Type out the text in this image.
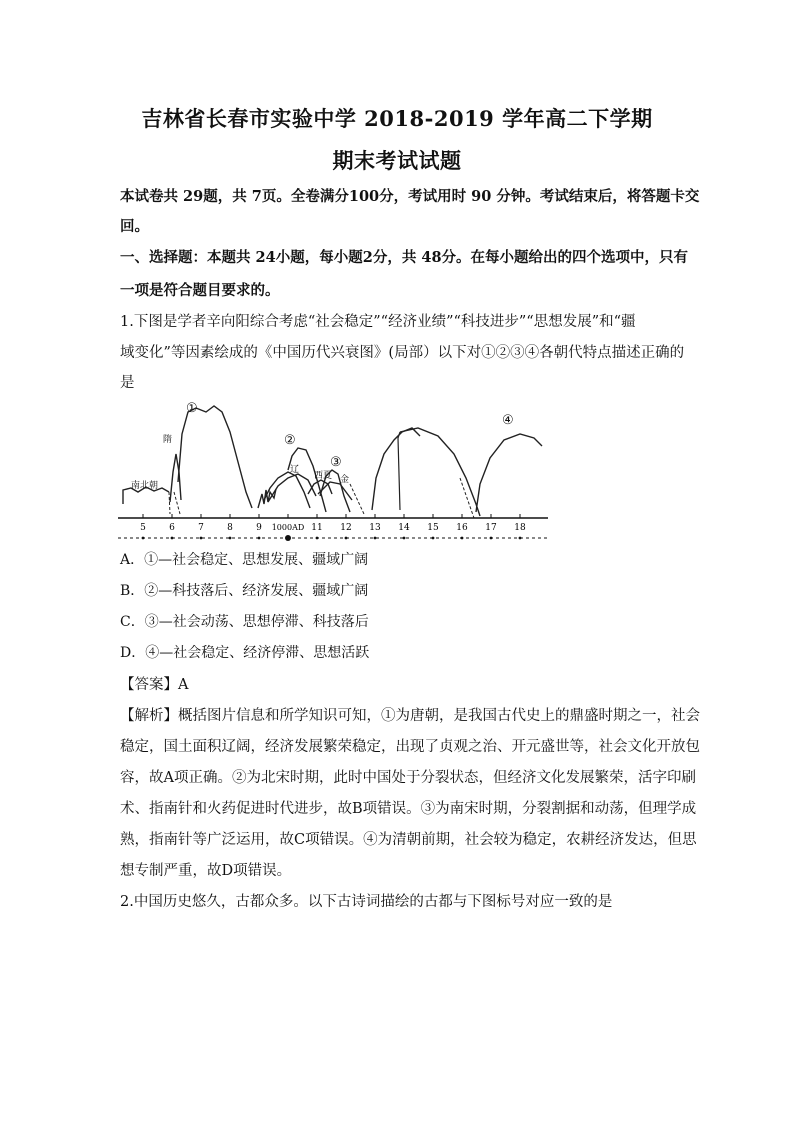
吉林省长春市实验中学 2018-2019 学年高二下学期
期末考试试题
本试卷共 29题，共 7页。全卷满分100分，考试用时 90 分钟。考试结束后，将答题卡交
回。
一、选择题：本题共 24小题，每小题2分，共 48分。在每小题给出的四个选项中，只有
一项是符合题目要求的。
1.下图是学者辛向阳综合考虑“社会稳定”“经济业绩”“科技进步”“思想发展”和“疆
域变化”等因素绘成的《中国历代兴衰图》(局部）以下对①②③④各朝代特点描述正确的
是
5	6	7	8	9 1000AD 11 12 13 14 15 16 17 18
南北朝
隋
辽
西夏 金
①
②
③
④
A．①—社会稳定、思想发展、疆域广阔
B．②—科技落后、经济发展、疆域广阔
C．③—社会动荡、思想停滞、科技落后
D．④—社会稳定、经济停滞、思想活跃
【答案】A
【解析】概括图片信息和所学知识可知，①为唐朝，是我国古代史上的鼎盛时期之一，社会
稳定，国土面积辽阔，经济发展繁荣稳定，出现了贞观之治、开元盛世等，社会文化开放包
容，故A项正确。②为北宋时期，此时中国处于分裂状态，但经济文化发展繁荣，活字印刷
术、指南针和火药促进时代进步，故B项错误。③为南宋时期，分裂割据和动荡，但理学成
熟，指南针等广泛运用，故C项错误。④为清朝前期，社会较为稳定，农耕经济发达，但思
想专制严重，故D项错误。
2.中国历史悠久，古都众多。以下古诗词描绘的古都与下图标号对应一致的是
